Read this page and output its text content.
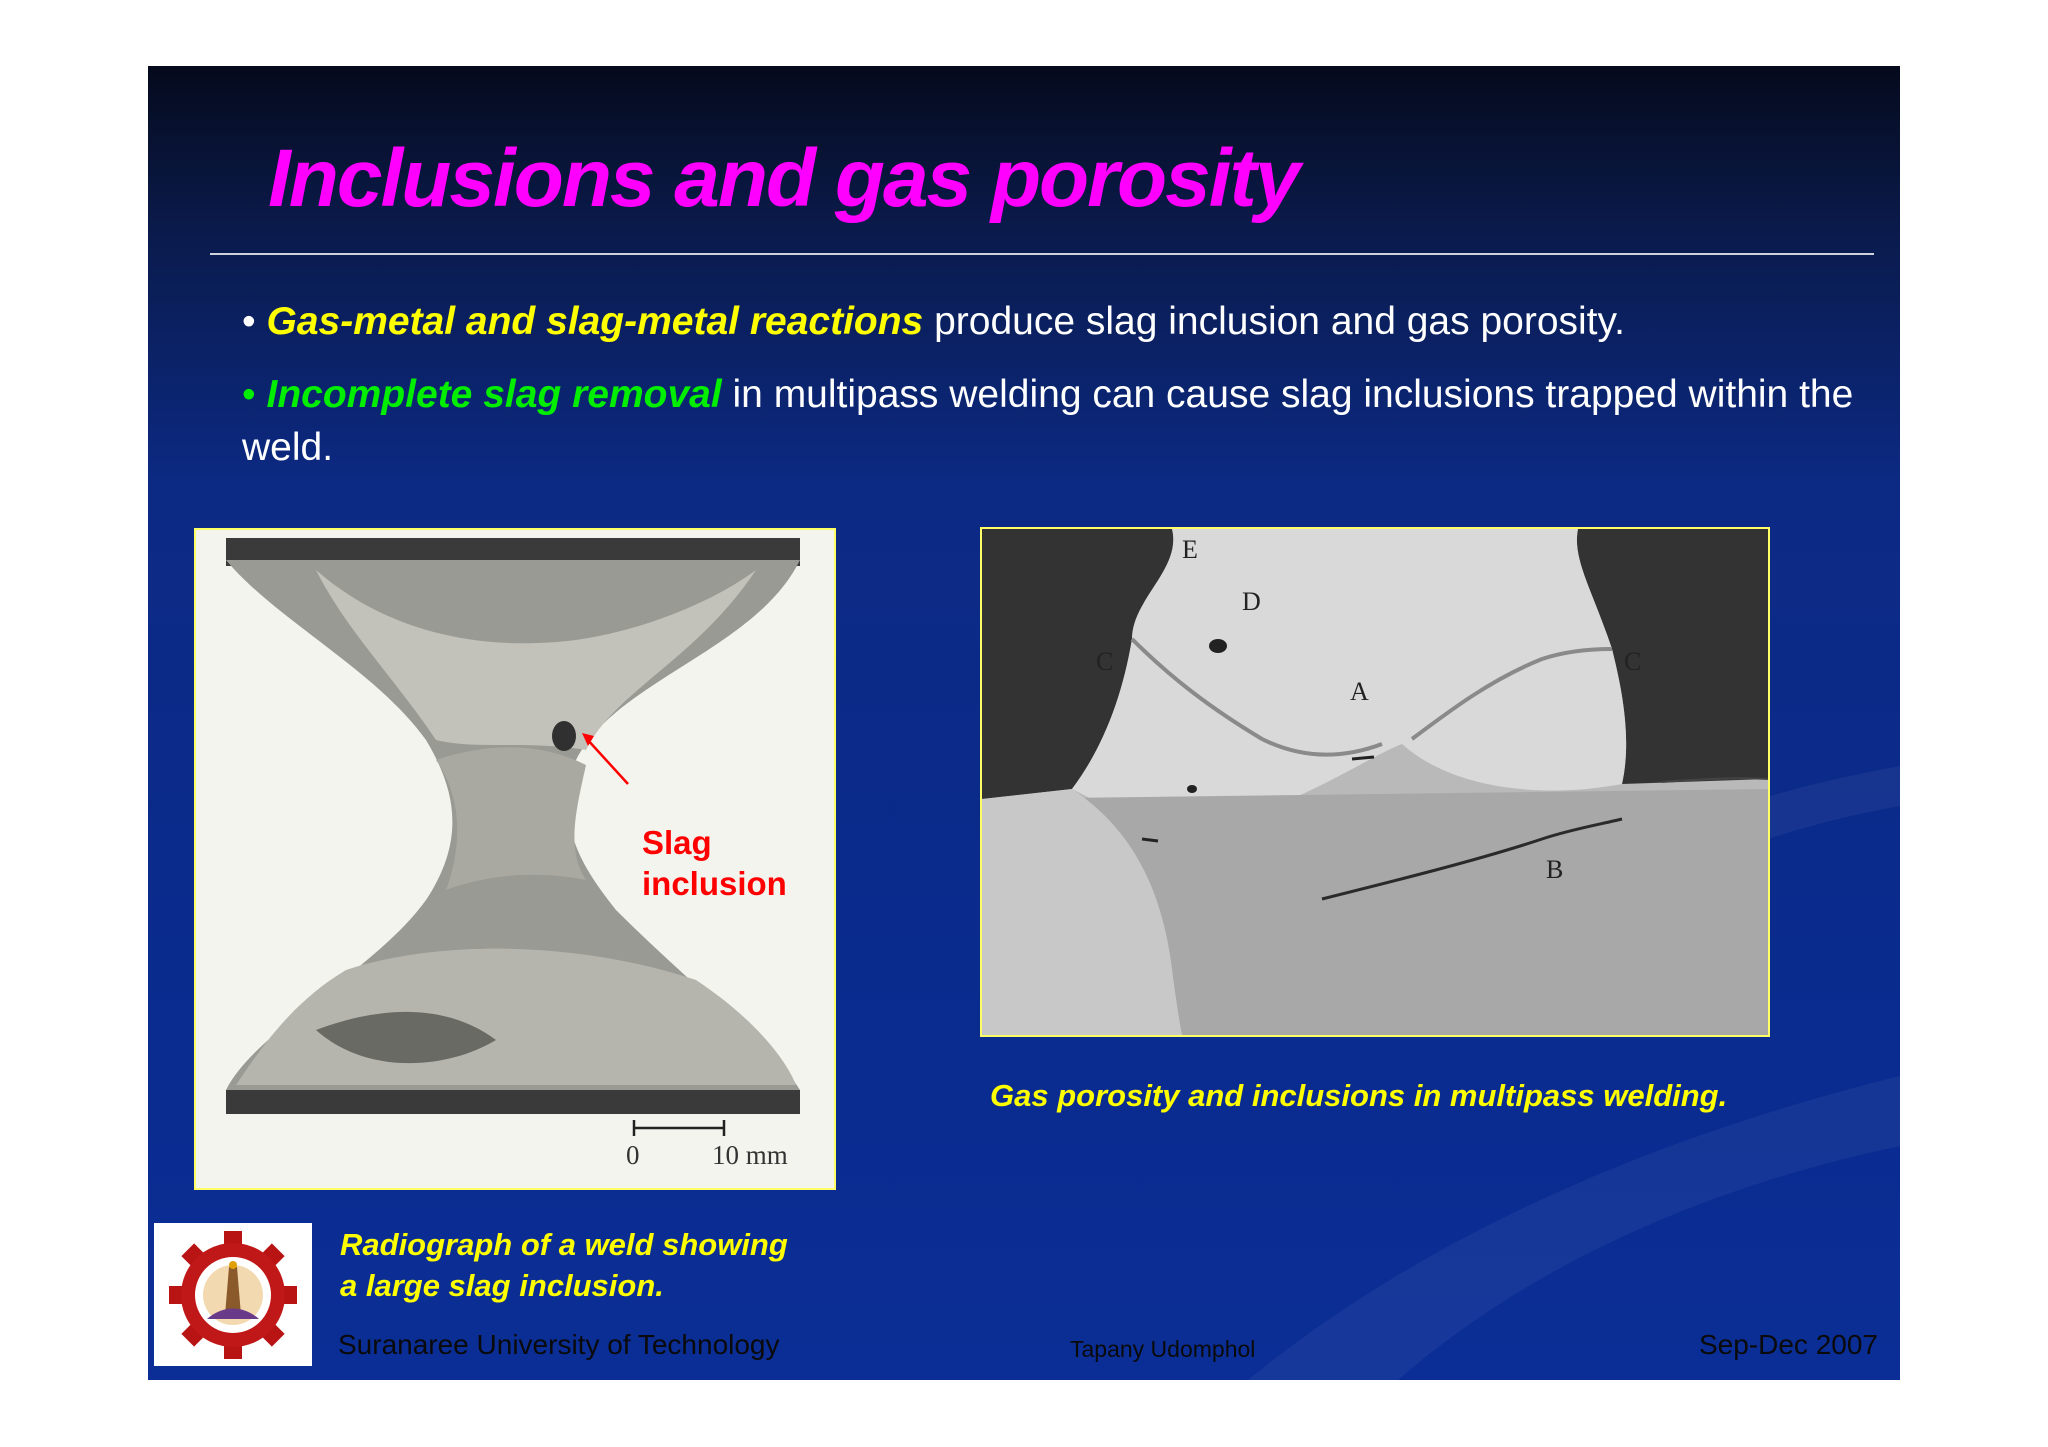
Inclusions and gas porosity
• Gas-metal and slag-metal reactions produce slag inclusion and gas porosity.
• Incomplete slag removal in multipass welding can cause slag inclusions trapped within the weld.
0	10 mm

Slag
inclusion

E
D
C
A
C
B
Gas porosity and inclusions in multipass welding.
Radiograph of a weld showing
a large slag inclusion.
Suranaree University of Technology	Tapany Udomphol	Sep-Dec 2007
